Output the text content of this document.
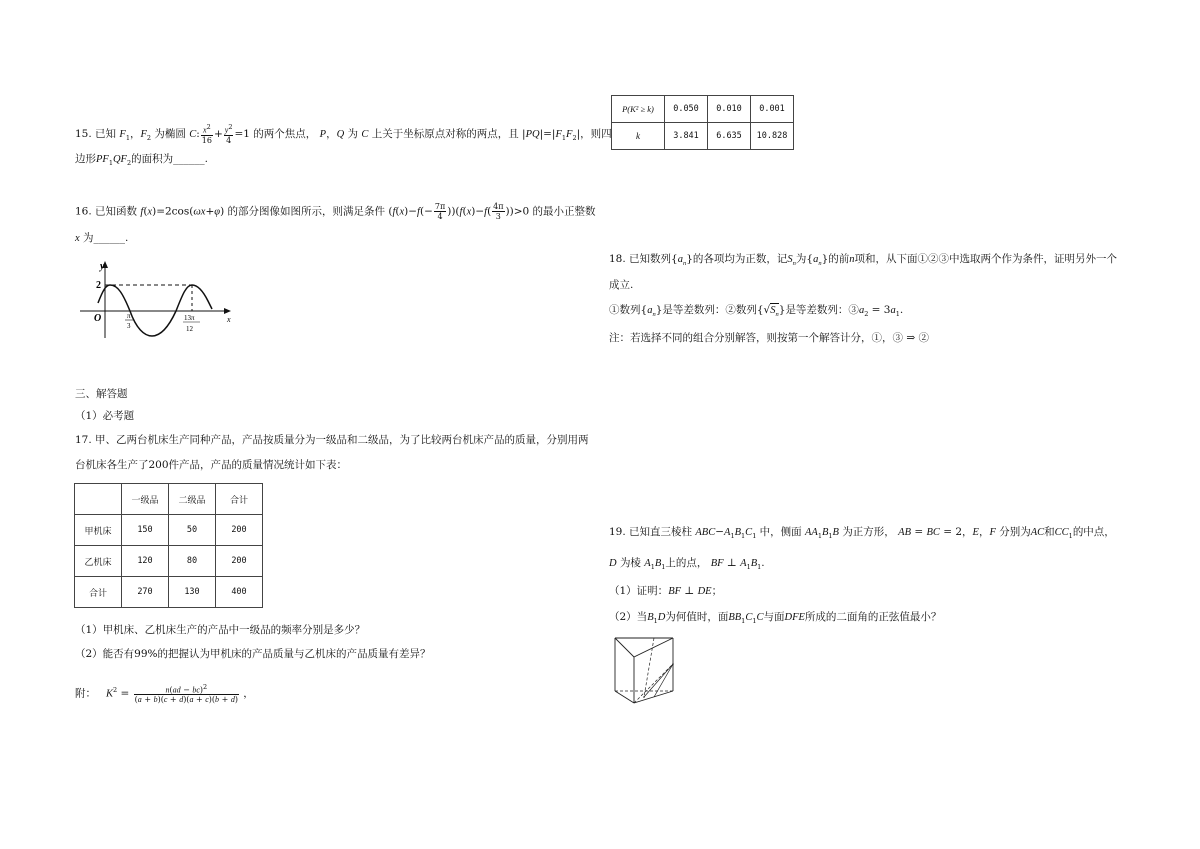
15. 已知 $F_1$，$F_2$ 为椭圆 C: $\frac{x^2}{16} + \frac{y^2}{4} =1$ 的两个焦点， P，Q 为 C 上关于坐标原点对称的两点，且 $|PQ|=|F_1F_2|$，则四
边形$PF_1QF_2$的面积为______.
16. 已知函数 f(x)=2cos(ωx+φ) 的部分图像如图所示，则满足条件 $(f(x)-f(- \frac{7\pi}{4} ))(f(x)-f( \frac{4\pi}{3} ))>0$ 的最小正整数
x 为______.
y
x
O
2
π
3
13π
12
三、解答题
（1）必考题
17. 甲、乙两台机床生产同种产品，产品按质量分为一级品和二级品，为了比较两台机床产品的质量，分别用两
台机床各生产了200件产品，产品的质量情况统计如下表：
	一级品	二级品	合计
甲机床	150	50	200
乙机床	120	80	200
合计	270	130	400
（1）甲机床、乙机床生产的产品中一级品的频率分别是多少？
（2）能否有99%的把握认为甲机床的产品质量与乙机床的产品质量有差异？
附： $K^2 = \frac{n(ad - bc)^2}{(a + b)(c + d)(a + c)(b + d)}$ ，
P(K² ≥ k)	0.050	0.010	0.001
k	3.841	6.635	10.828
18. 已知数列$\{a_n\}$的各项均为正数，记$S_n$为$\{a_n\}$的前n项和，从下面①②③中选取两个作为条件，证明另外一个
成立.
①数列$\{a_n\}$是等差数列：②数列$\{√S_n\}$是等差数列：$③a_2 = 3a_1$.
注：若选择不同的组合分别解答，则按第一个解答计分，①，③ ⇒ ②
19. 已知直三棱柱 $ABC-A_1B_1C_1$ 中，侧面 $AA_1B_1B$ 为正方形， AB = BC = 2，E，F 分别为AC和$CC_1$的中点，
D 为棱 $A_1B_1$上的点， BF ⊥ $A_1B_1$.
（1）证明：BF ⊥ DE；
（2）当$B_1D$为何值时，面$BB_1C_1C$与面DFE所成的二面角的正弦值最小？
